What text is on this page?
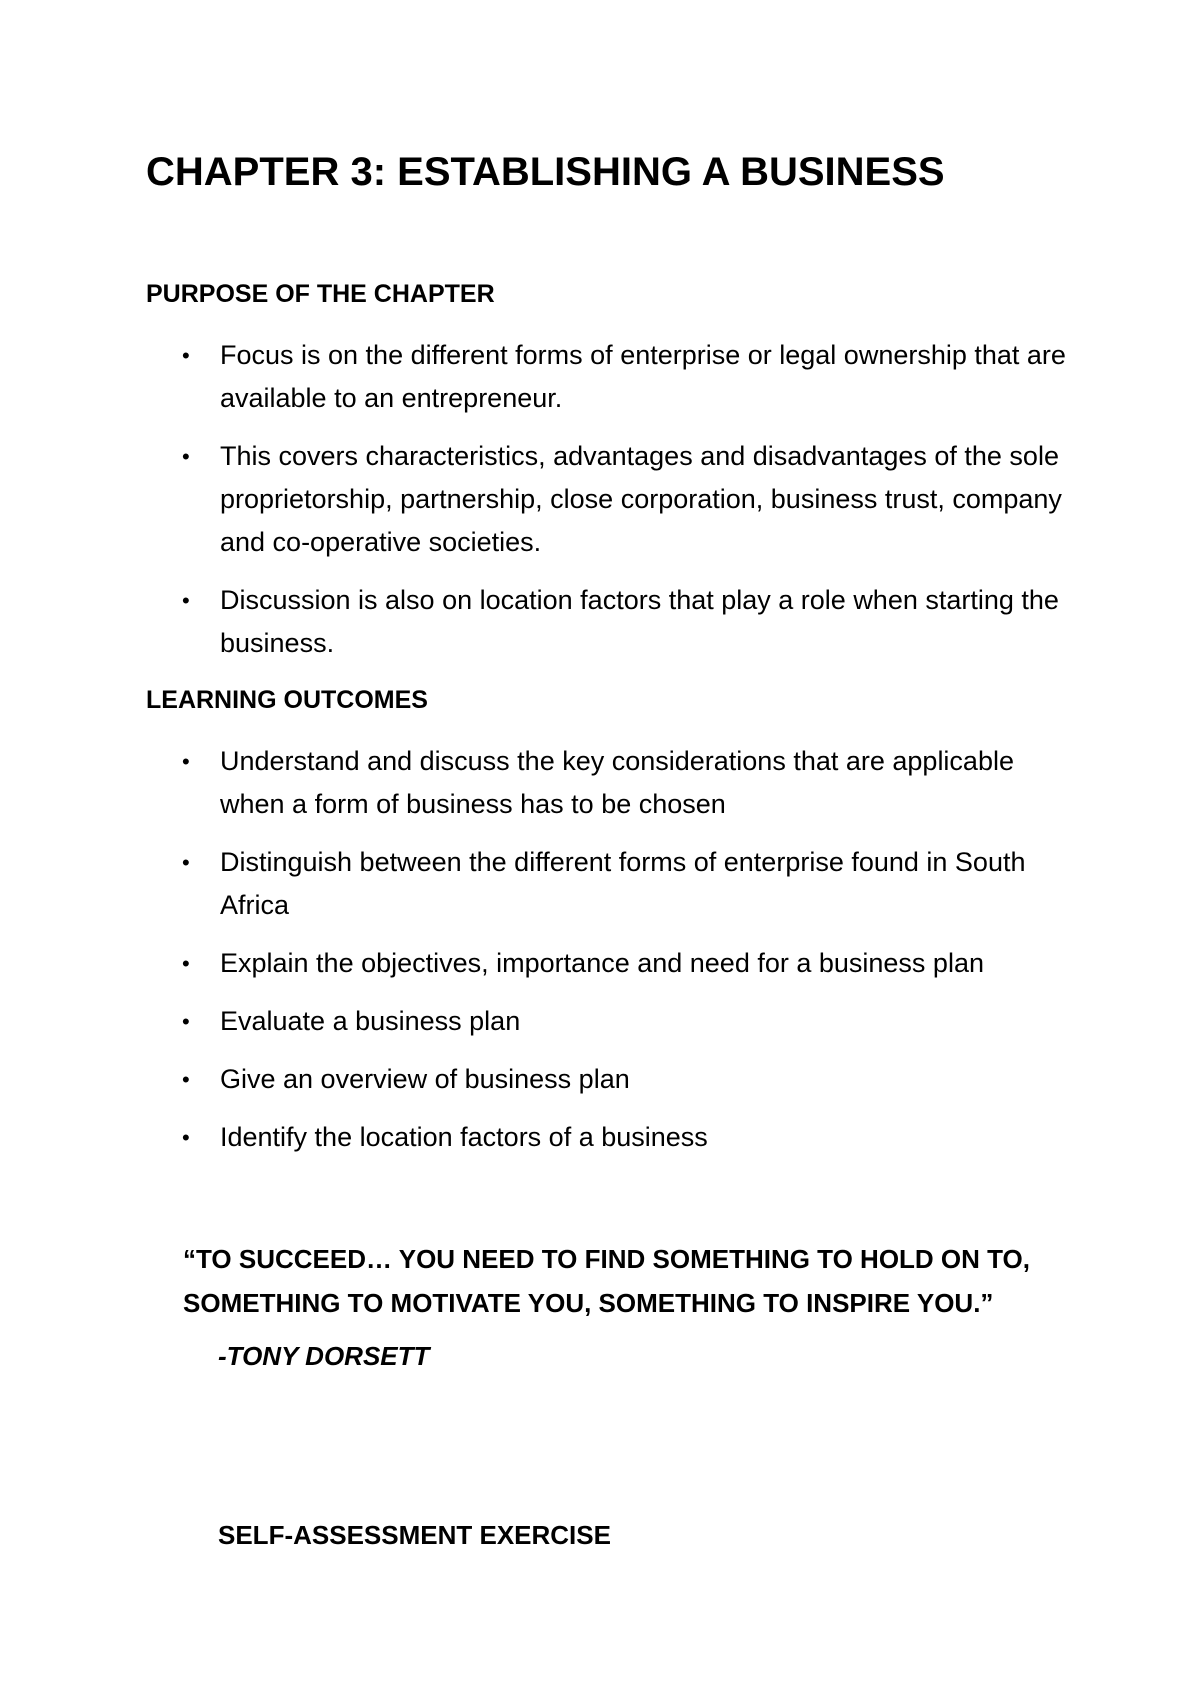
CHAPTER 3: ESTABLISHING A BUSINESS
PURPOSE OF THE CHAPTER
• Focus is on the different forms of enterprise or legal ownership that are available to an entrepreneur.
• This covers characteristics, advantages and disadvantages of the sole proprietorship, partnership, close corporation, business trust, company and co-operative societies.
• Discussion is also on location factors that play a role when starting the business.
LEARNING OUTCOMES
• Understand and discuss the key considerations that are applicable when a form of business has to be chosen
• Distinguish between the different forms of enterprise found in South Africa
• Explain the objectives, importance and need for a business plan
• Evaluate a business plan
• Give an overview of business plan
• Identify the location factors of a business
“TO SUCCEED… YOU NEED TO FIND SOMETHING TO HOLD ON TO, SOMETHING TO MOTIVATE YOU, SOMETHING TO INSPIRE YOU.”
-TONY DORSETT
SELF-ASSESSMENT EXERCISE
